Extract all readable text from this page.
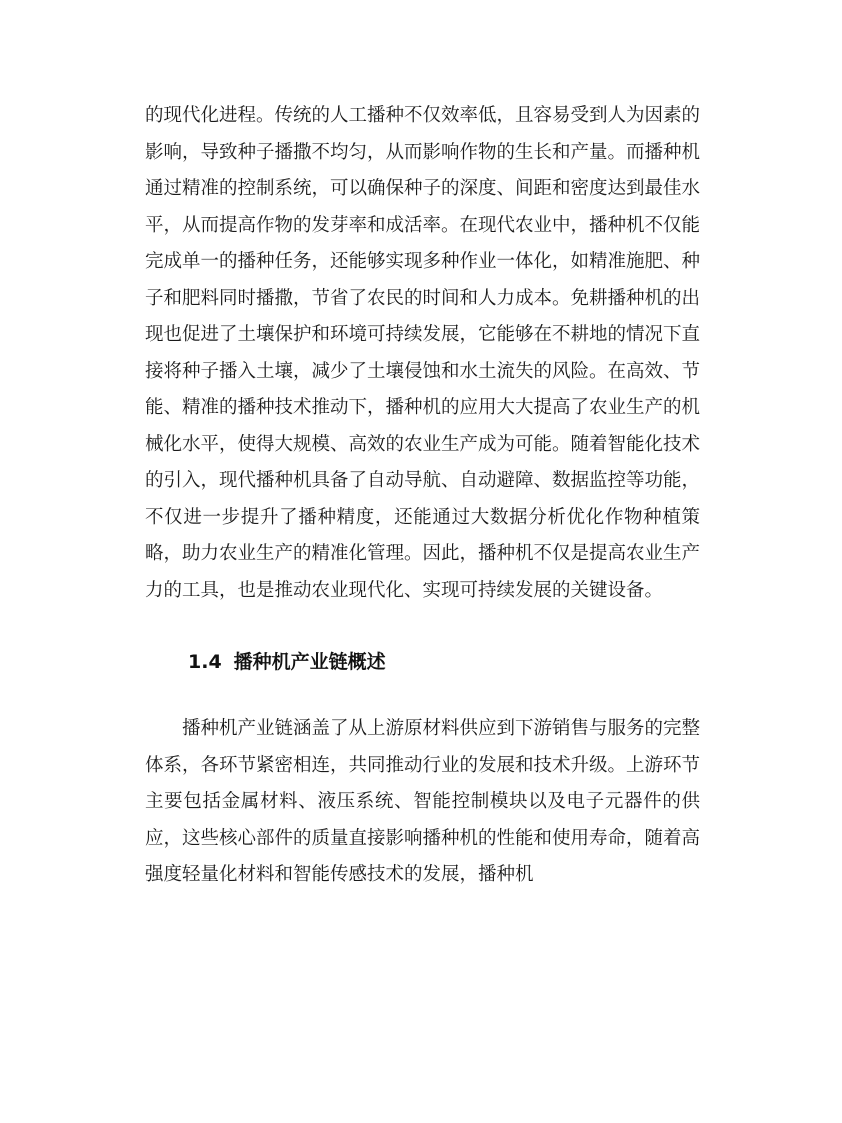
的现代化进程。传统的人工播种不仅效率低，且容易受到人为因素的影响，导致种子播撒不均匀，从而影响作物的生长和产量。而播种机通过精准的控制系统，可以确保种子的深度、间距和密度达到最佳水平，从而提高作物的发芽率和成活率。在现代农业中，播种机不仅能完成单一的播种任务，还能够实现多种作业一体化，如精准施肥、种子和肥料同时播撒，节省了农民的时间和人力成本。免耕播种机的出现也促进了土壤保护和环境可持续发展，它能够在不耕地的情况下直接将种子播入土壤，减少了土壤侵蚀和水土流失的风险。在高效、节能、精准的播种技术推动下，播种机的应用大大提高了农业生产的机械化水平，使得大规模、高效的农业生产成为可能。随着智能化技术的引入，现代播种机具备了自动导航、自动避障、数据监控等功能，不仅进一步提升了播种精度，还能通过大数据分析优化作物种植策略，助力农业生产的精准化管理。因此，播种机不仅是提高农业生产力的工具，也是推动农业现代化、实现可持续发展的关键设备。

1.4 播种机产业链概述

播种机产业链涵盖了从上游原材料供应到下游销售与服务的完整体系，各环节紧密相连，共同推动行业的发展和技术升级。上游环节主要包括金属材料、液压系统、智能控制模块以及电子元器件的供应，这些核心部件的质量直接影响播种机的性能和使用寿命，随着高强度轻量化材料和智能传感技术的发展，播种机
